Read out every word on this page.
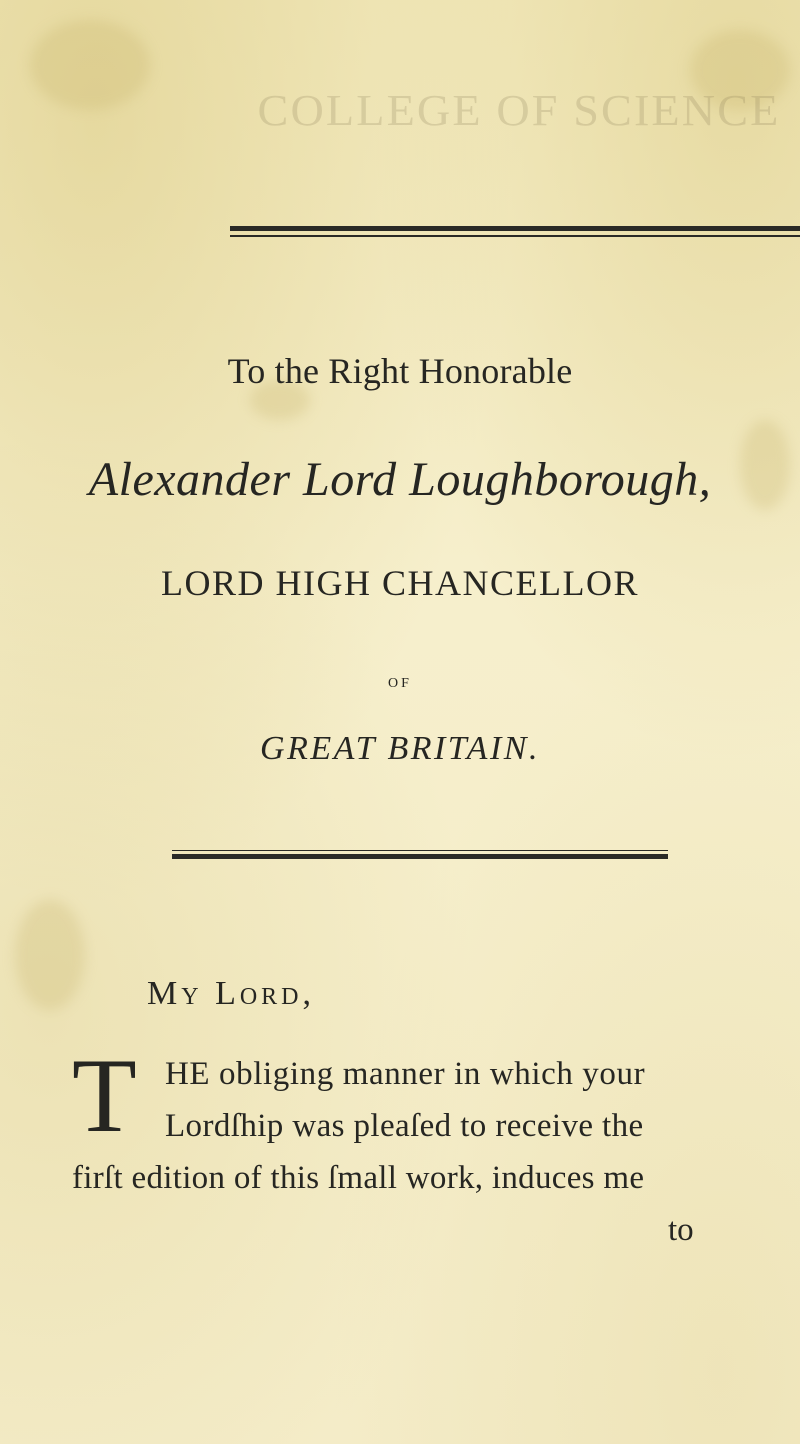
COLLEGE OF SCIENCE
To the Right Honorable
Alexander Lord Loughborough,
LORD HIGH CHANCELLOR
OF
GREAT BRITAIN.
My Lord,
T HE obliging manner in which your
Lordſhip was pleaſed to receive the
firſt edition of this ſmall work, induces me
to
